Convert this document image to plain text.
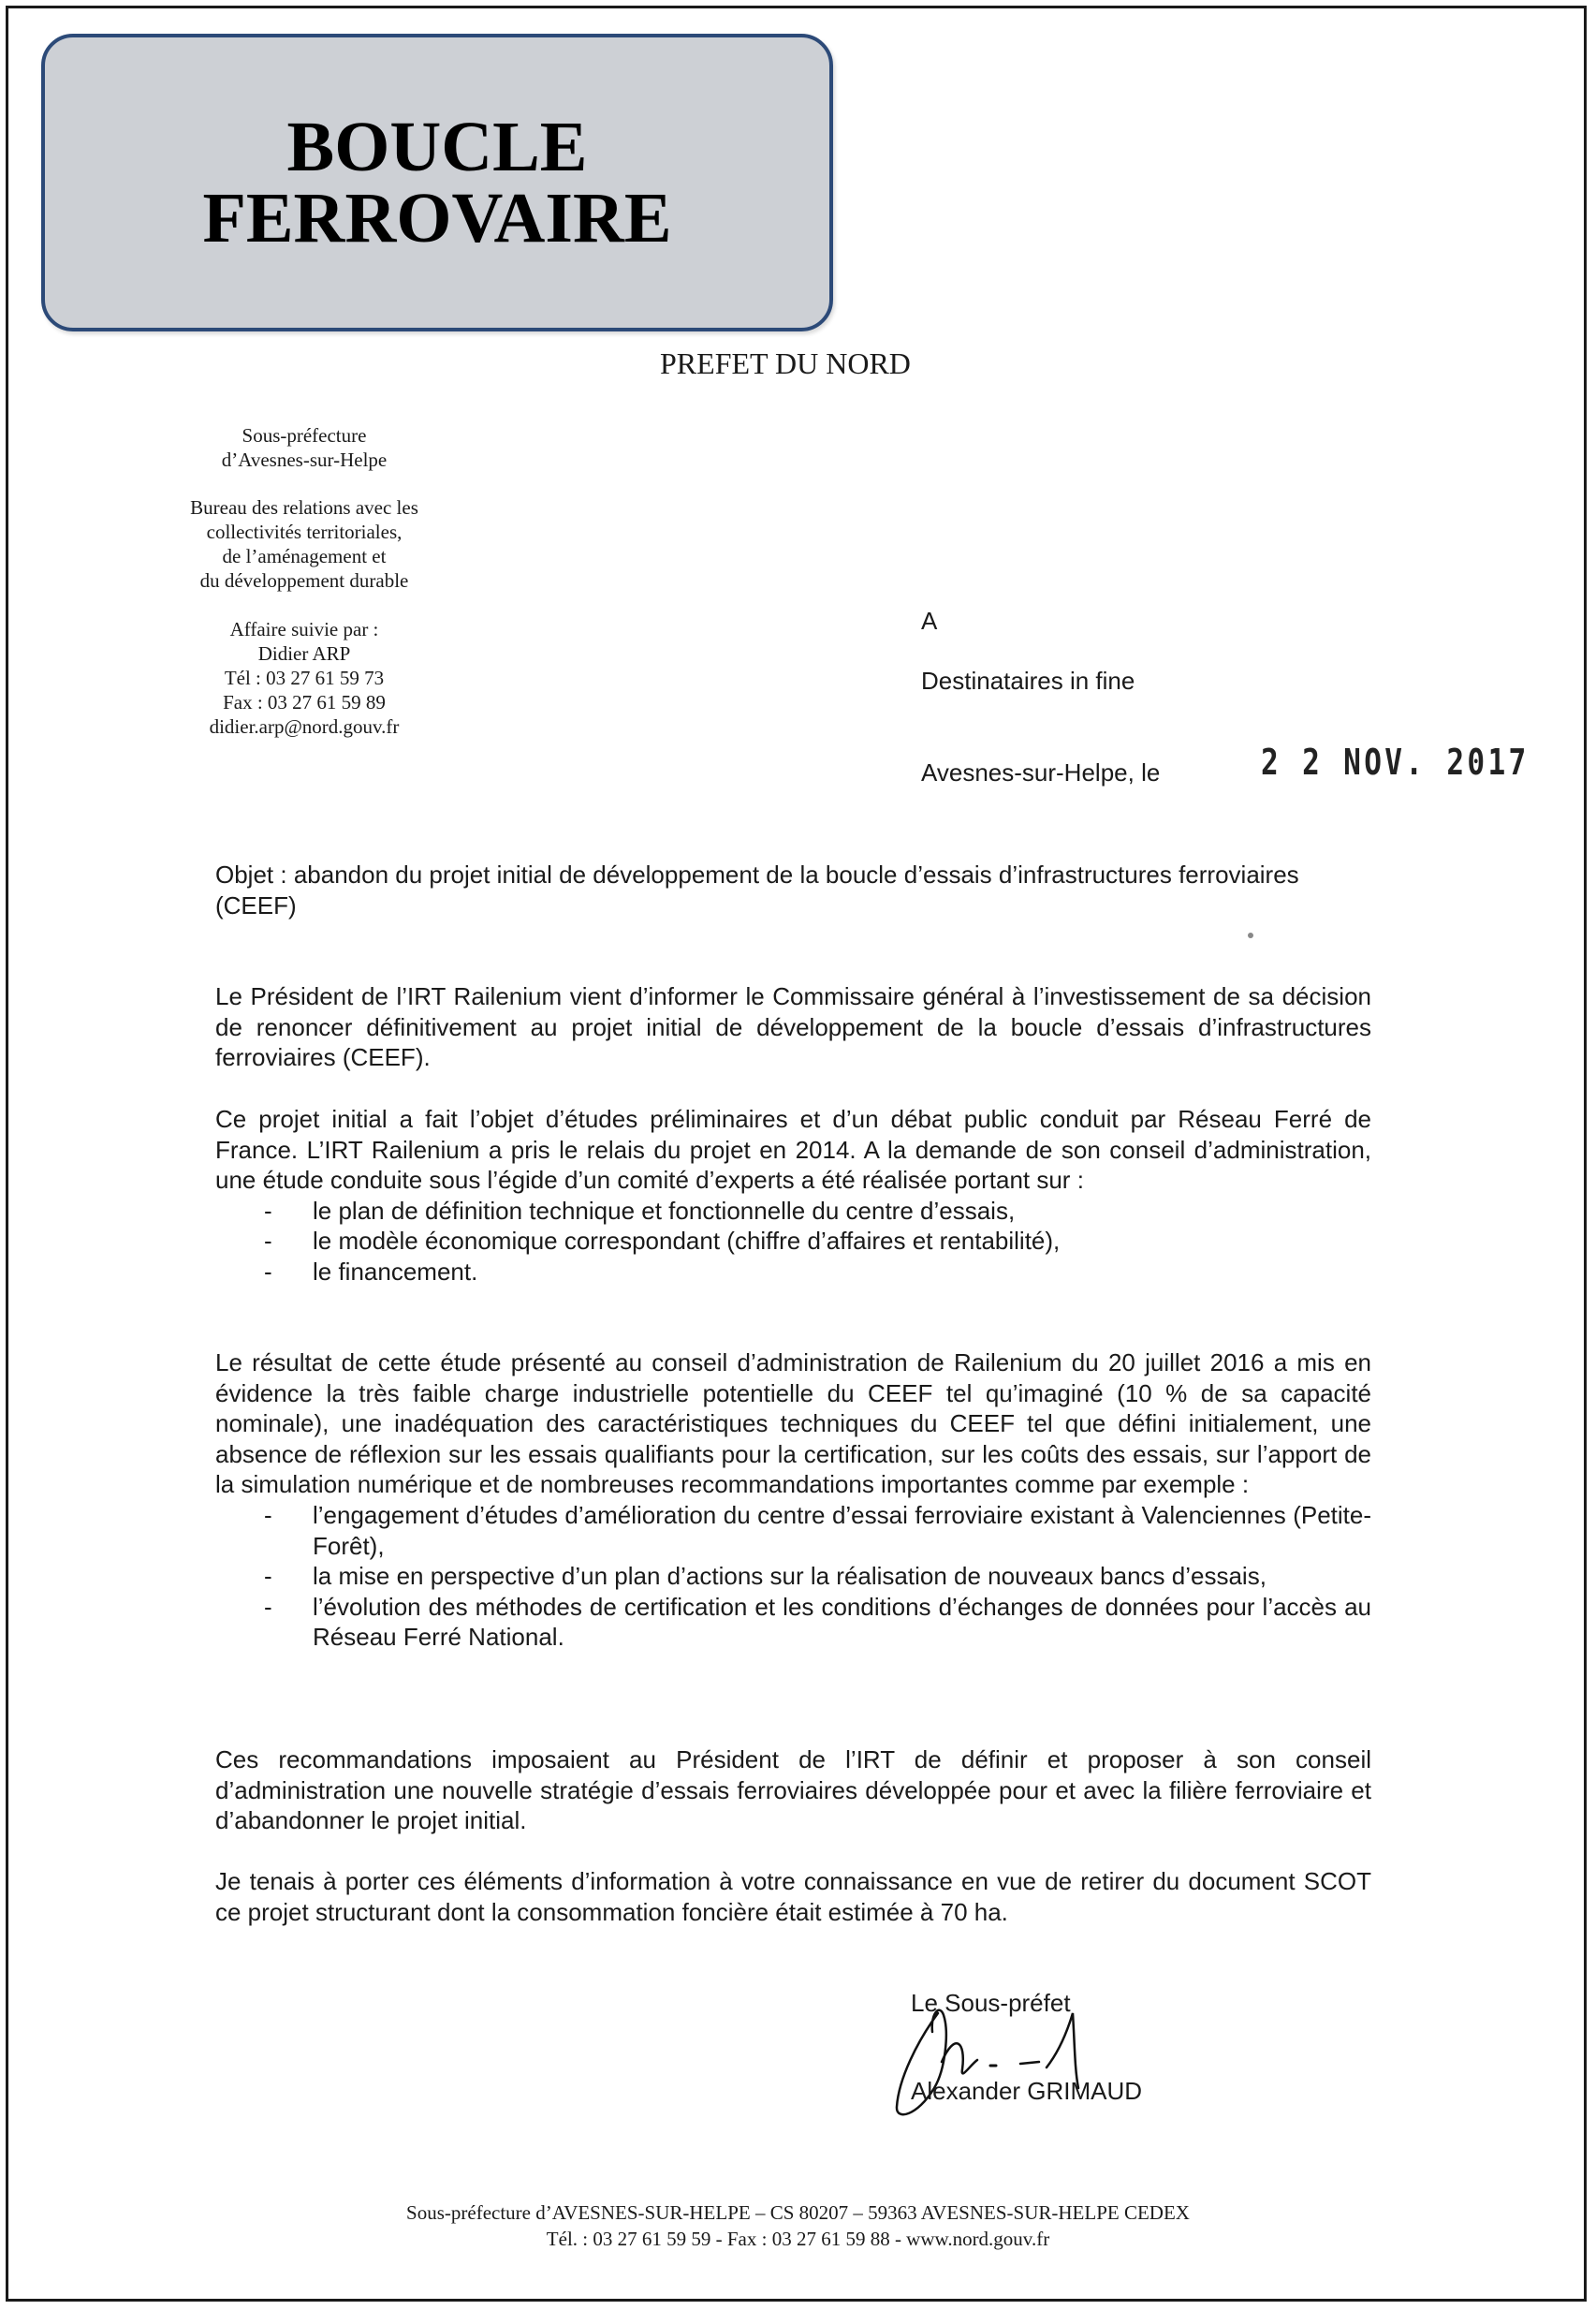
BOUCLE
FERROVAIRE
PREFET DU NORD
Sous-préfecture
d’Avesnes-sur-Helpe
Bureau des relations avec les
collectivités territoriales,
de l’aménagement et
du développement durable
Affaire suivie par :
Didier ARP
Tél : 03 27 61 59 73
Fax : 03 27 61 59 89
didier.arp@nord.gouv.fr
A
Destinataires in fine
Avesnes-sur-Helpe, le	2 2 NOV. 2017

Objet : abandon du projet initial de développement de la boucle d’essais d’infrastructures ferroviaires (CEEF)

Le Président de l’IRT Railenium vient d’informer le Commissaire général à l’investissement de sa décision de renoncer définitivement au projet initial de développement de la boucle d’essais d’infrastructures ferroviaires (CEEF).

Ce projet initial a fait l’objet d’études préliminaires et d’un débat public conduit par Réseau Ferré de France. L’IRT Railenium a pris le relais du projet en 2014. A la demande de son conseil d’administration, une étude conduite sous l’égide d’un comité d’experts a été réalisée portant sur :

- le plan de définition technique et fonctionnelle du centre d’essais,
- le modèle économique correspondant (chiffre d’affaires et rentabilité),
- le financement.

Le résultat de cette étude présenté au conseil d’administration de Railenium du 20 juillet 2016 a mis en évidence la très faible charge industrielle potentielle du CEEF tel qu’imaginé (10 % de sa capacité nominale), une inadéquation des caractéristiques techniques du CEEF tel que défini initialement, une absence de réflexion sur les essais qualifiants pour la certification, sur les coûts des essais, sur l’apport de la simulation numérique et de nombreuses recommandations importantes comme par exemple :

- l’engagement d’études d’amélioration du centre d’essai ferroviaire existant à Valenciennes (Petite-Forêt),
- la mise en perspective d’un plan d’actions sur la réalisation de nouveaux bancs d’essais,
- l’évolution des méthodes de certification et les conditions d’échanges de données pour l’accès au Réseau Ferré National.

Ces recommandations imposaient au Président de l’IRT de définir et proposer à son conseil d’administration une nouvelle stratégie d’essais ferroviaires développée pour et avec la filière ferroviaire et d’abandonner le projet initial.

Je tenais à porter ces éléments d’information à votre connaissance en vue de retirer du document SCOT ce projet structurant dont la consommation foncière était estimée à 70 ha.

Le Sous-préfet
Alexander GRIMAUD
Sous-préfecture d’AVESNES-SUR-HELPE – CS 80207 – 59363 AVESNES-SUR-HELPE CEDEX
Tél. : 03 27 61 59 59 - Fax : 03 27 61 59 88 - www.nord.gouv.fr
